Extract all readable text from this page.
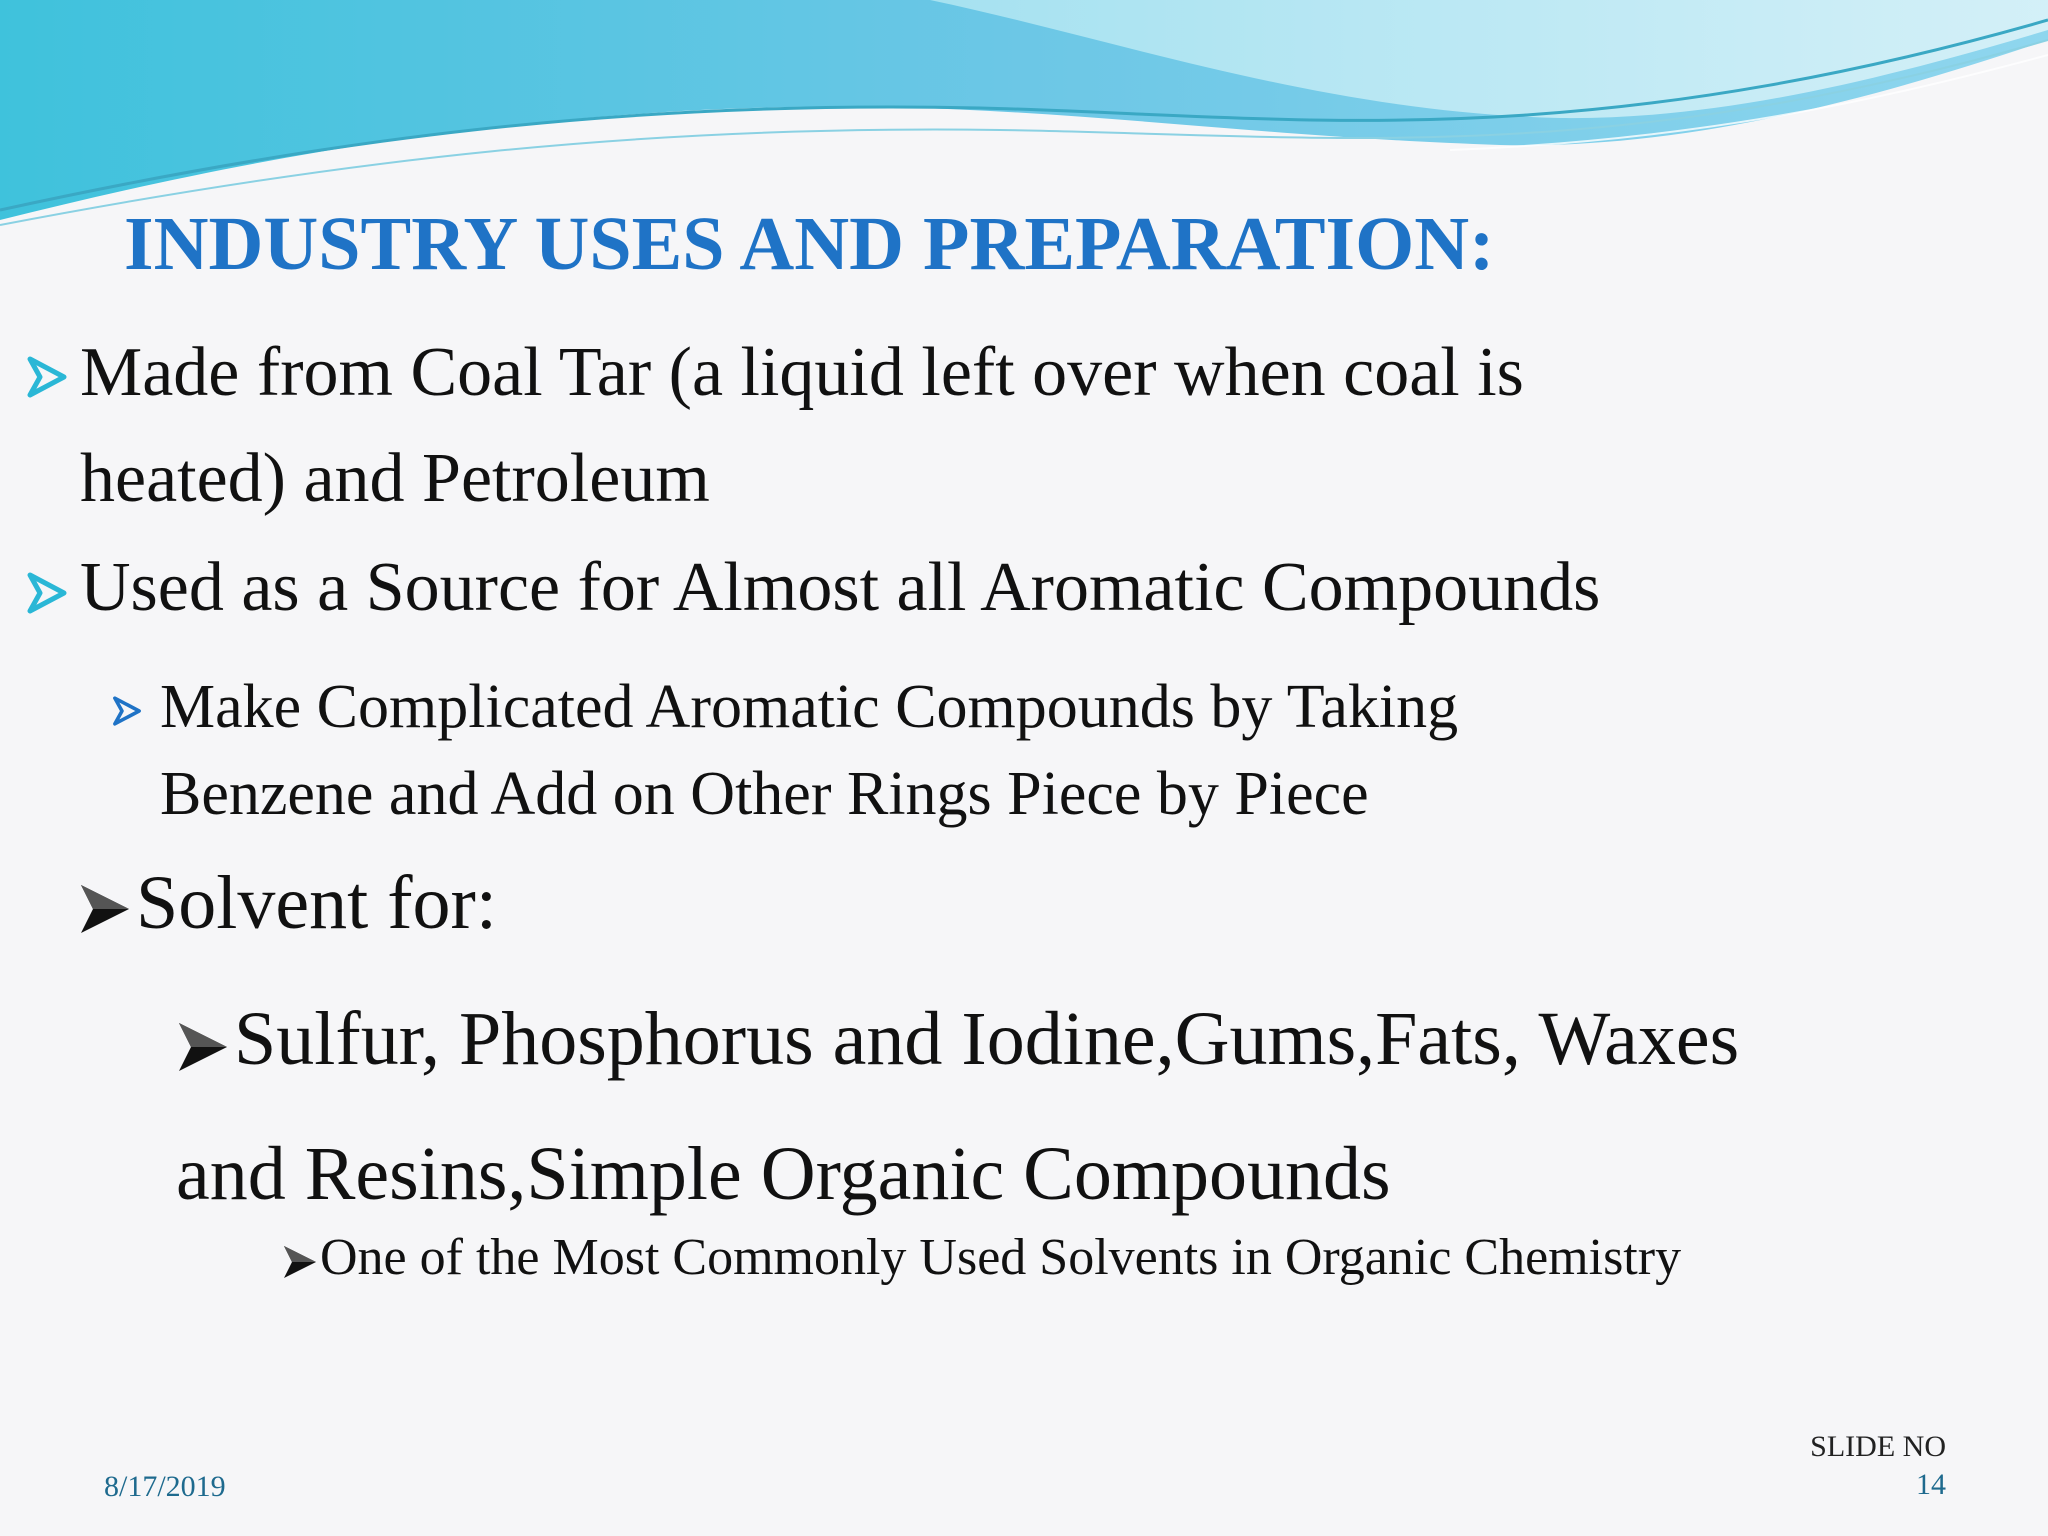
INDUSTRY USES AND PREPARATION:
Made from Coal Tar (a liquid left over when coal is
heated) and Petroleum
Used as a Source for Almost all Aromatic Compounds
Make Complicated Aromatic Compounds by Taking
Benzene and Add on Other Rings Piece by Piece
Solvent for:
Sulfur, Phosphorus and Iodine,Gums,Fats, Waxes
and Resins,Simple Organic Compounds
One of the Most Commonly Used Solvents in Organic Chemistry
8/17/2019
SLIDE NO
14
